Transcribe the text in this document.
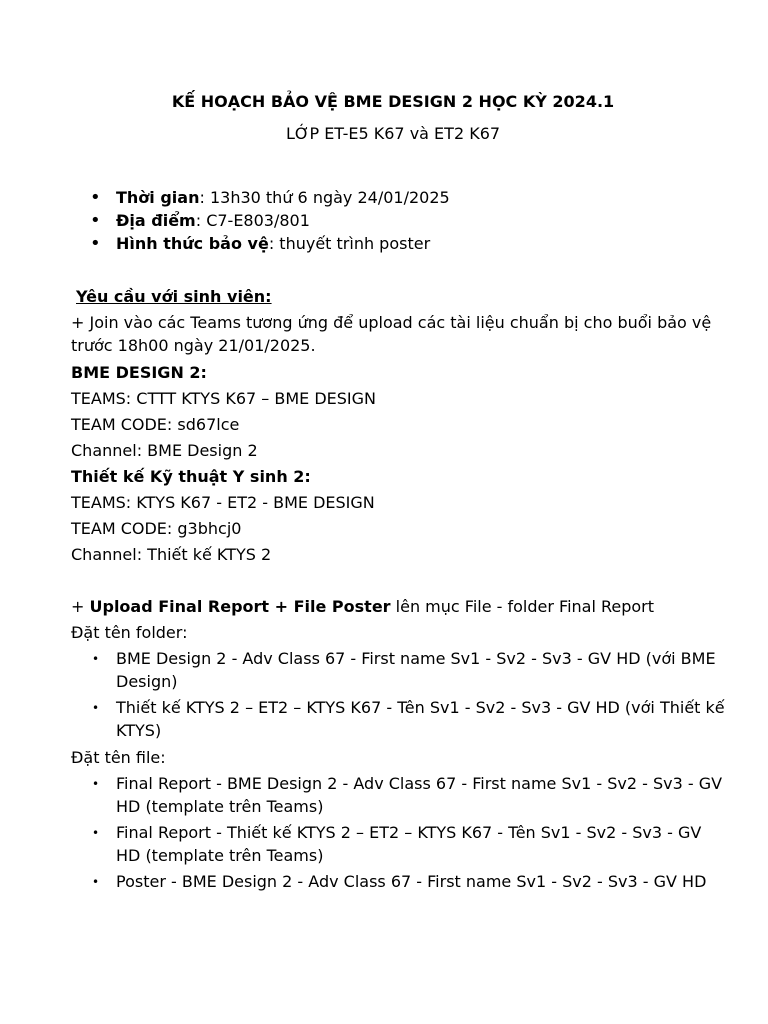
KẾ HOẠCH BẢO VỆ BME DESIGN 2 HỌC KỲ 2024.1
LỚP ET-E5 K67 và ET2 K67
• Thời gian: 13h30 thứ 6 ngày 24/01/2025
• Địa điểm: C7-E803/801
• Hình thức bảo vệ: thuyết trình poster
Yêu cầu với sinh viên:
+ Join vào các Teams tương ứng để upload các tài liệu chuẩn bị cho buổi bảo vệ trước 18h00 ngày 21/01/2025.
BME DESIGN 2:
TEAMS: CTTT KTYS K67 – BME DESIGN
TEAM CODE: sd67lce
Channel: BME Design 2
Thiết kế Kỹ thuật Y sinh 2:
TEAMS: KTYS K67 - ET2 - BME DESIGN
TEAM CODE: g3bhcj0
Channel: Thiết kế KTYS 2
+ Upload Final Report + File Poster lên mục File - folder Final Report
Đặt tên folder:
• BME Design 2 - Adv Class 67 - First name Sv1 - Sv2 - Sv3 - GV HD (với BME Design)
• Thiết kế KTYS 2 – ET2 – KTYS K67 - Tên Sv1 - Sv2 - Sv3 - GV HD (với Thiết kế KTYS)
Đặt tên file:
• Final Report - BME Design 2 - Adv Class 67 - First name Sv1 - Sv2 - Sv3 - GV HD (template trên Teams)
• Final Report - Thiết kế KTYS 2 – ET2 – KTYS K67 - Tên Sv1 - Sv2 - Sv3 - GV HD (template trên Teams)
• Poster - BME Design 2 - Adv Class 67 - First name Sv1 - Sv2 - Sv3 - GV HD
